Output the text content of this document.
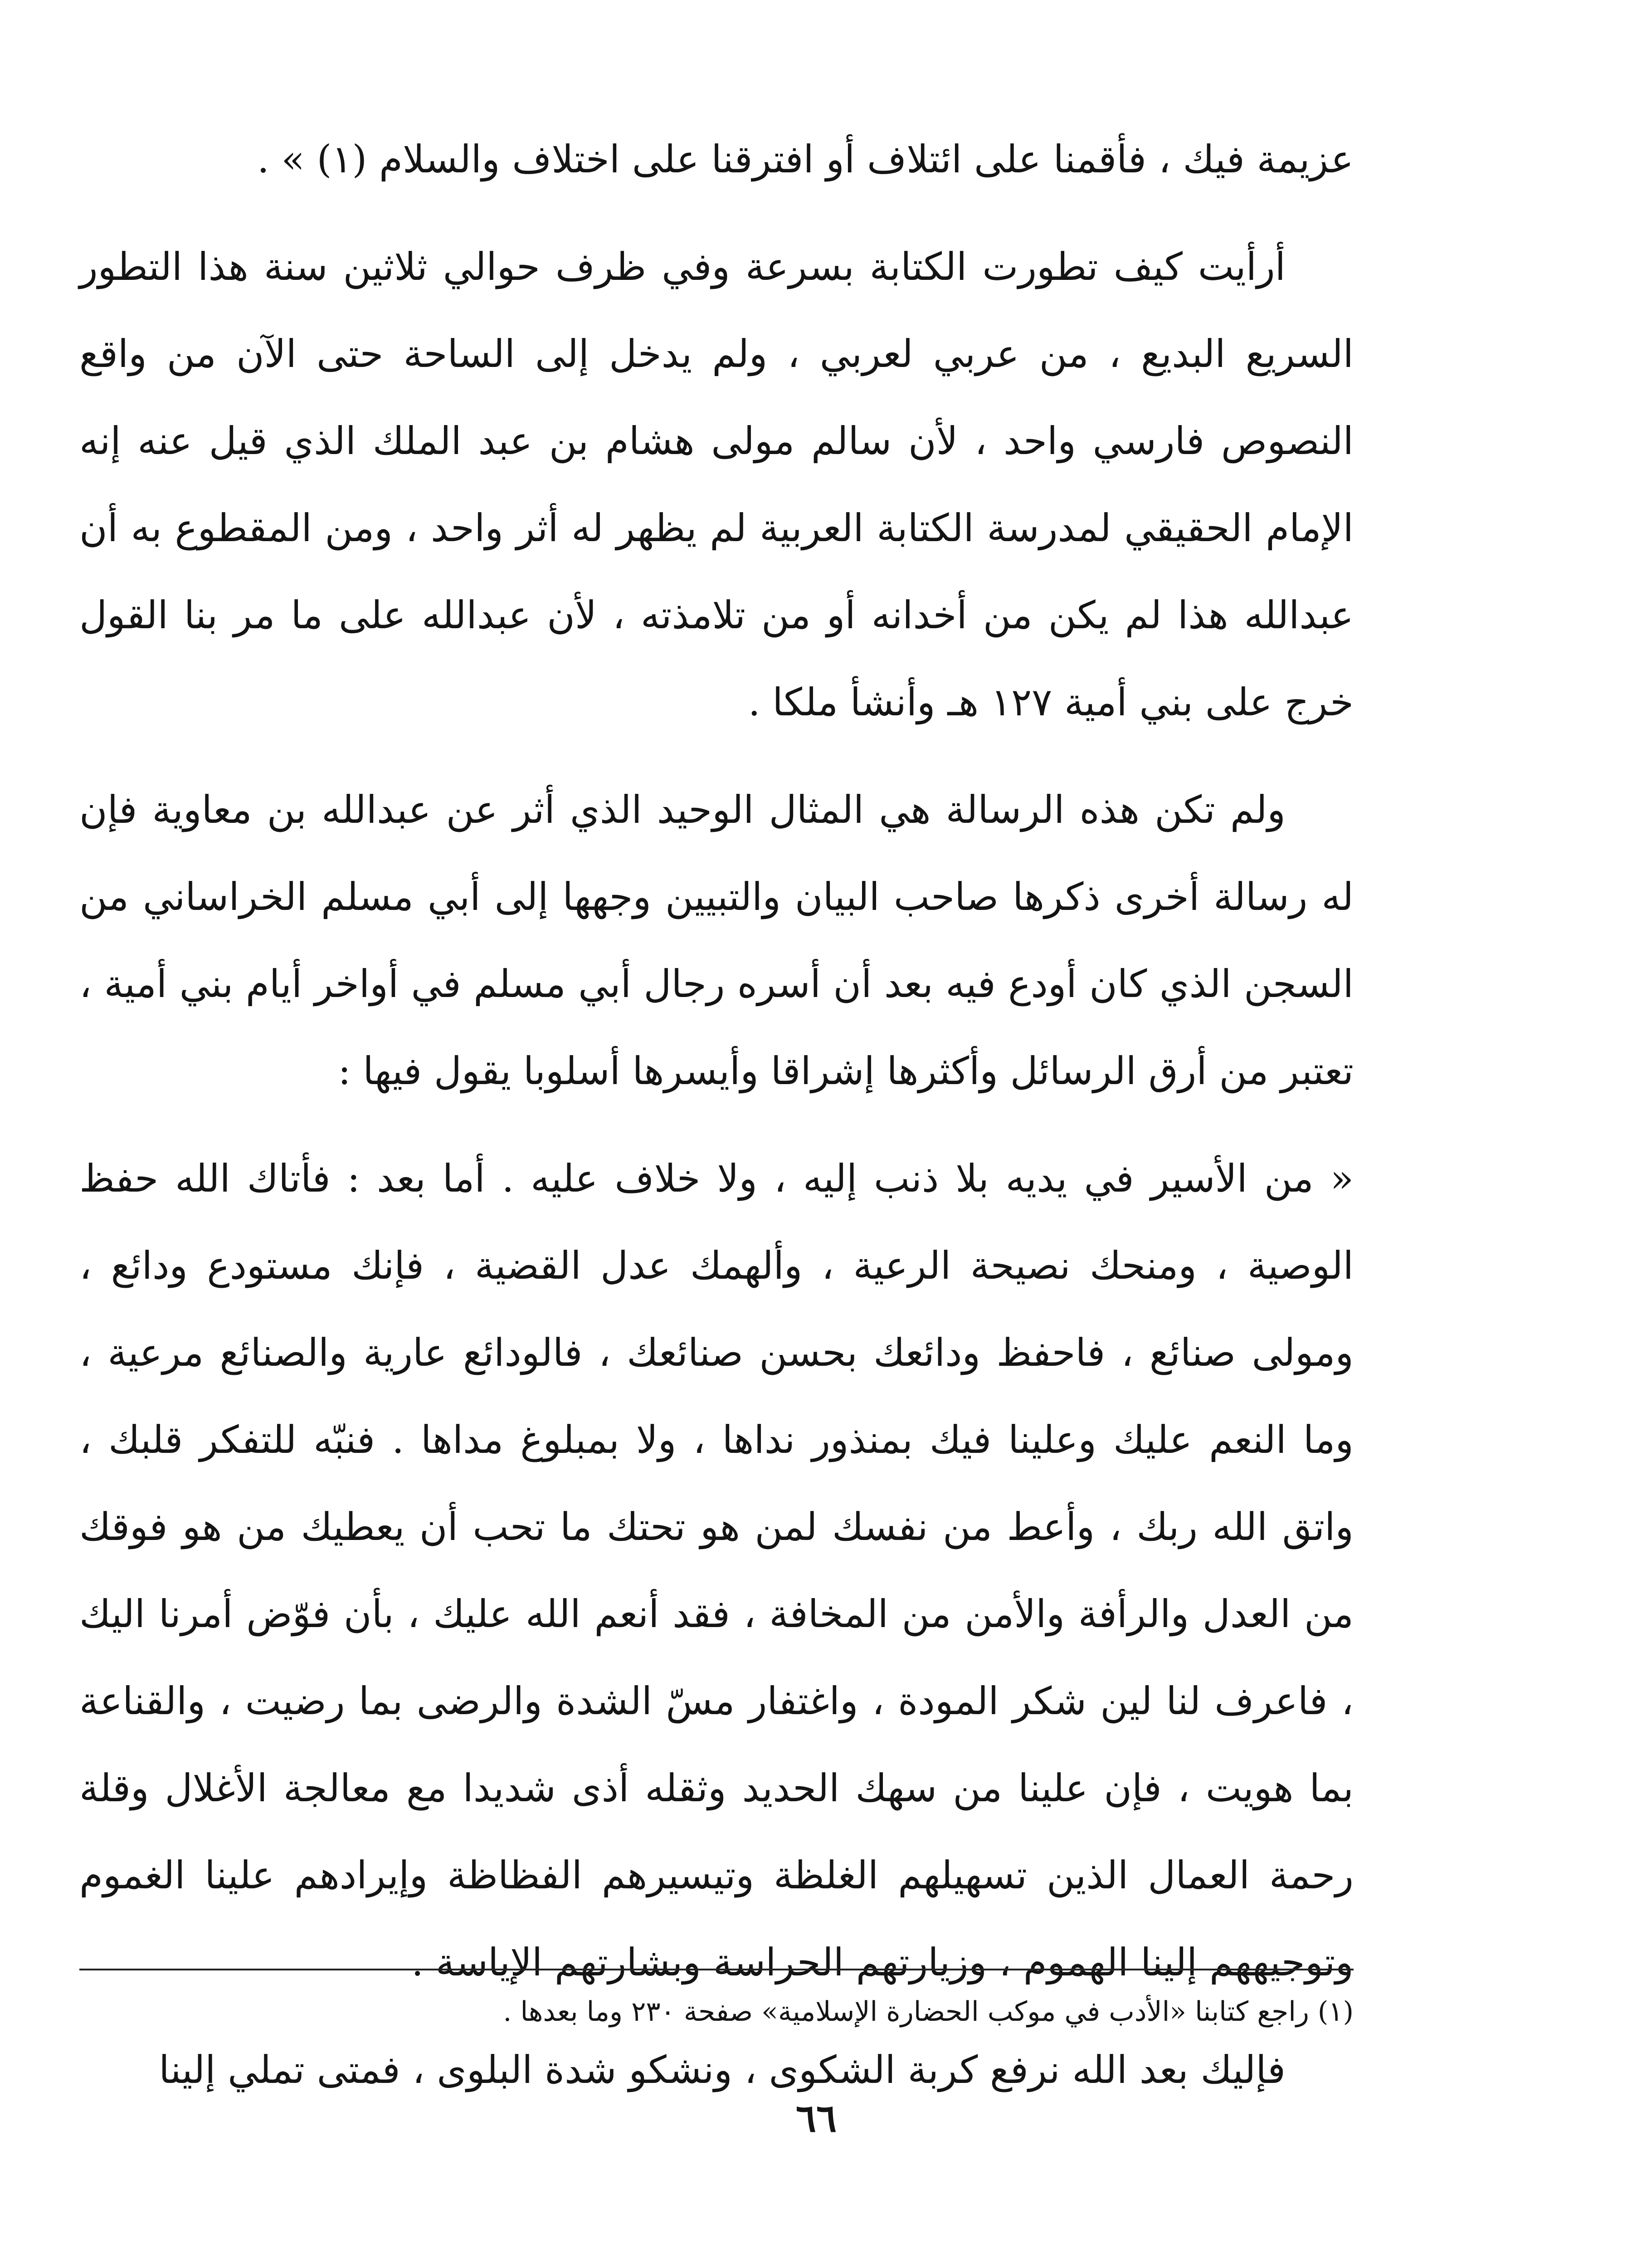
عزيمة فيك ، فأقمنا على ائتلاف أو افترقنا على اختلاف والسلام (١) » .

أرأيت كيف تطورت الكتابة بسرعة وفي ظرف حوالي ثلاثين سنة هذا التطور السريع البديع ، من عربي لعربي ، ولم يدخل إلى الساحة حتى الآن من واقع النصوص فارسي واحد ، لأن سالم مولى هشام بن عبد الملك الذي قيل عنه إنه الإمام الحقيقي لمدرسة الكتابة العربية لم يظهر له أثر واحد ، ومن المقطوع به أن عبدالله هذا لم يكن من أخدانه أو من تلامذته ، لأن عبدالله على ما مر بنا القول خرج على بني أمية ١٢٧ هـ وأنشأ ملكا .

ولم تكن هذه الرسالة هي المثال الوحيد الذي أثر عن عبدالله بن معاوية فإن له رسالة أخرى ذكرها صاحب البيان والتبيين وجهها إلى أبي مسلم الخراساني من السجن الذي كان أودع فيه بعد أن أسره رجال أبي مسلم في أواخر أيام بني أمية ، تعتبر من أرق الرسائل وأكثرها إشراقا وأيسرها أسلوبا يقول فيها :

« من الأسير في يديه بلا ذنب إليه ، ولا خلاف عليه . أما بعد : فأتاك الله حفظ الوصية ، ومنحك نصيحة الرعية ، وألهمك عدل القضية ، فإنك مستودع ودائع ، ومولى صنائع ، فاحفظ ودائعك بحسن صنائعك ، فالودائع عارية والصنائع مرعية ، وما النعم عليك وعلينا فيك بمنذور نداها ، ولا بمبلوغ مداها . فنبّه للتفكر قلبك ، واتق الله ربك ، وأعط من نفسك لمن هو تحتك ما تحب أن يعطيك من هو فوقك من العدل والرأفة والأمن من المخافة ، فقد أنعم الله عليك ، بأن فوّض أمرنا اليك ، فاعرف لنا لين شكر المودة ، واغتفار مسّ الشدة والرضى بما رضيت ، والقناعة بما هويت ، فإن علينا من سهك الحديد وثقله أذى شديدا مع معالجة الأغلال وقلة رحمة العمال الذين تسهيلهم الغلظة وتيسيرهم الفظاظة وإيرادهم علينا الغموم وتوجيههم إلينا الهموم ، وزيارتهم الحراسة وبشارتهم الإياسة .

فإليك بعد الله نرفع كربة الشكوى ، ونشكو شدة البلوى ، فمتى تملي إلينا

(١) راجع كتابنا «الأدب في موكب الحضارة الإسلامية» صفحة ٢٣٠ وما بعدها .
٦٦
